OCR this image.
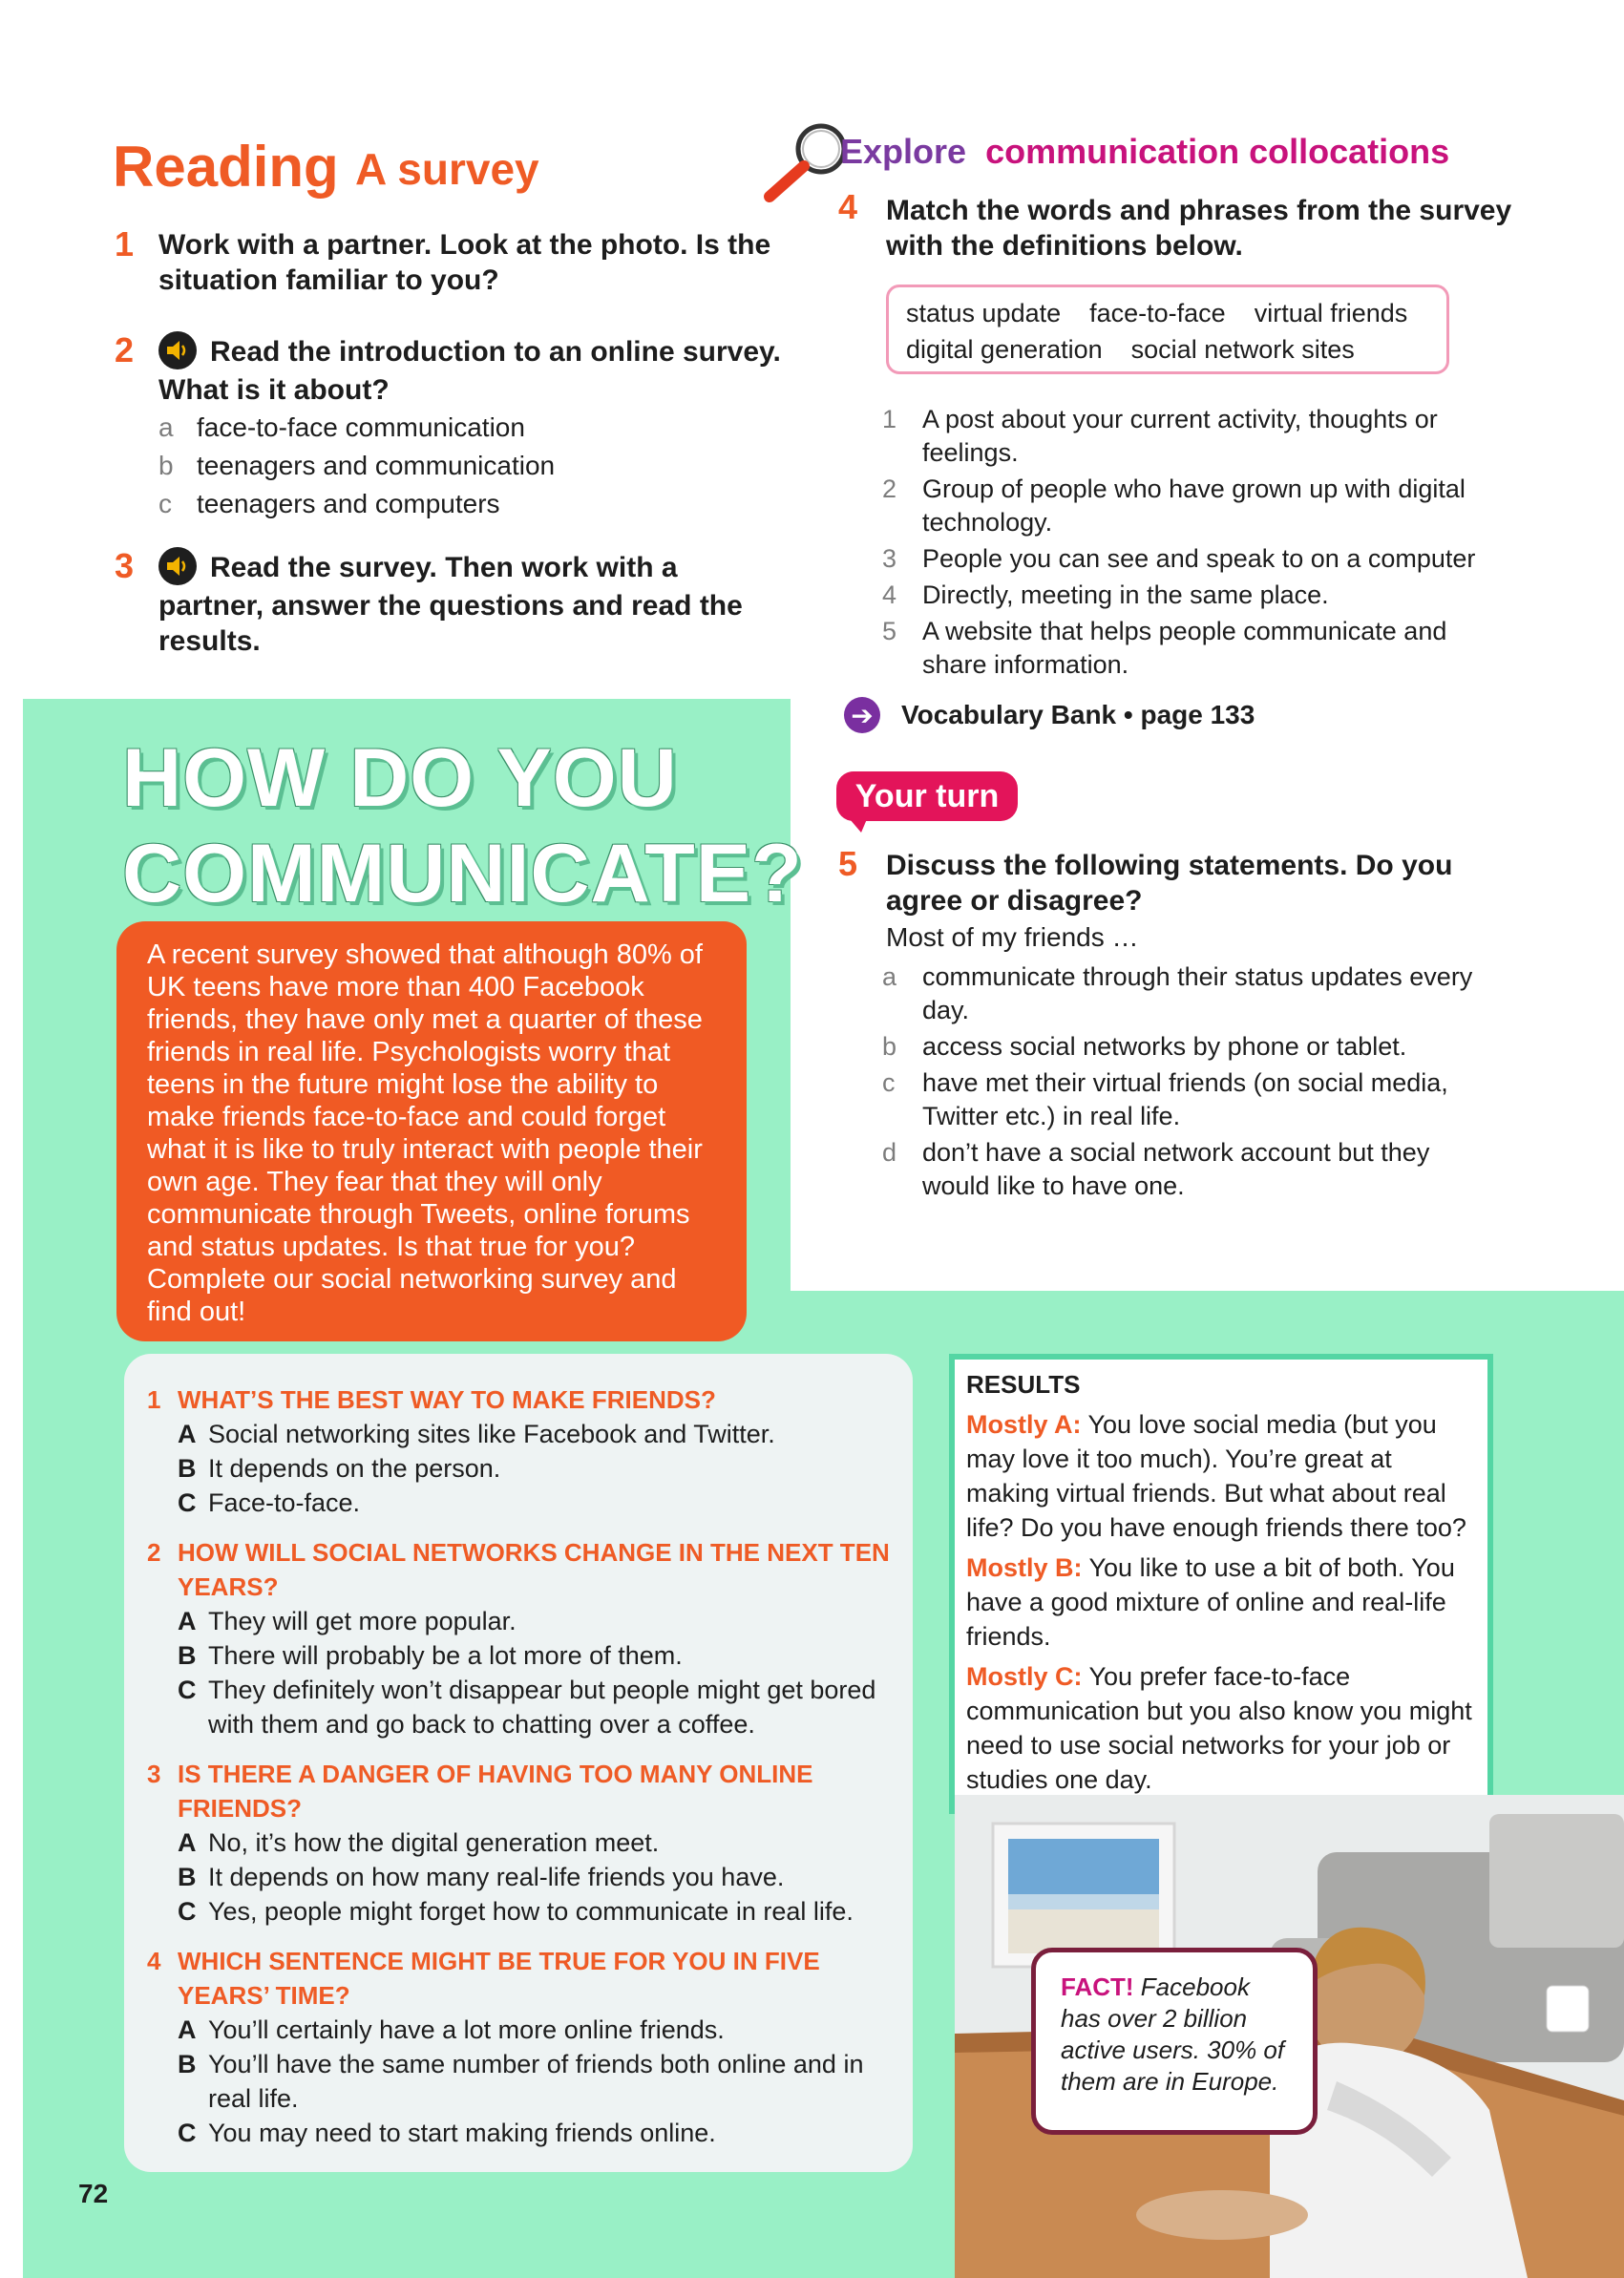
Reading A survey
1 Work with a partner. Look at the photo. Is the situation familiar to you?
2	Read the introduction to an online survey. What is it about?
a face-to-face communication
b teenagers and communication
c teenagers and computers
3	Read the survey. Then work with a partner, answer the questions and read the results.
HOW DO YOU
COMMUNICATE?
A recent survey showed that although 80% of UK teens have more than 400 Facebook friends, they have only met a quarter of these friends in real life. Psychologists worry that teens in the future might lose the ability to make friends face-to-face and could forget what it is like to truly interact with people their own age. They fear that they will only communicate through Tweets, online forums and status updates. Is that true for you? Complete our social networking survey and find out!
1 WHAT’S THE BEST WAY TO MAKE FRIENDS?
A Social networking sites like Facebook and Twitter.
B It depends on the person.
C Face-to-face.
2 HOW WILL SOCIAL NETWORKS CHANGE IN THE NEXT TEN YEARS?
A They will get more popular.
B There will probably be a lot more of them.
C They definitely won’t disappear but people might get bored with them and go back to chatting over a coffee.
3 IS THERE A DANGER OF HAVING TOO MANY ONLINE FRIENDS?
A No, it’s how the digital generation meet.
B It depends on how many real-life friends you have.
C Yes, people might forget how to communicate in real life.
4 WHICH SENTENCE MIGHT BE TRUE FOR YOU IN FIVE YEARS’ TIME?
A You’ll certainly have a lot more online friends.
B You’ll have the same number of friends both online and in real life.
C You may need to start making friends online.
Explore communication collocations
4 Match the words and phrases from the survey with the definitions below.
status update    face-to-face    virtual friends
digital generation    social network sites
1 A post about your current activity, thoughts or feelings.
2 Group of people who have grown up with digital technology.
3 People you can see and speak to on a computer
4 Directly, meeting in the same place.
5 A website that helps people communicate and share information.
➔ Vocabulary Bank • page 133
Your turn
5 Discuss the following statements. Do you agree or disagree?
Most of my friends …
a communicate through their status updates every day.
b access social networks by phone or tablet.
c	have met their virtual friends (on social media, Twitter etc.) in real life.
d don’t have a social network account but they would like to have one.
RESULTS
Mostly A: You love social media (but you may love it too much). You’re great at making virtual friends. But what about real life? Do you have enough friends there too?
Mostly B: You like to use a bit of both. You have a good mixture of online and real-life friends.
Mostly C: You prefer face-to-face communication but you also know you might need to use social networks for your job or studies one day.
FACT! Facebook has over 2 billion active users. 30% of them are in Europe.
72
